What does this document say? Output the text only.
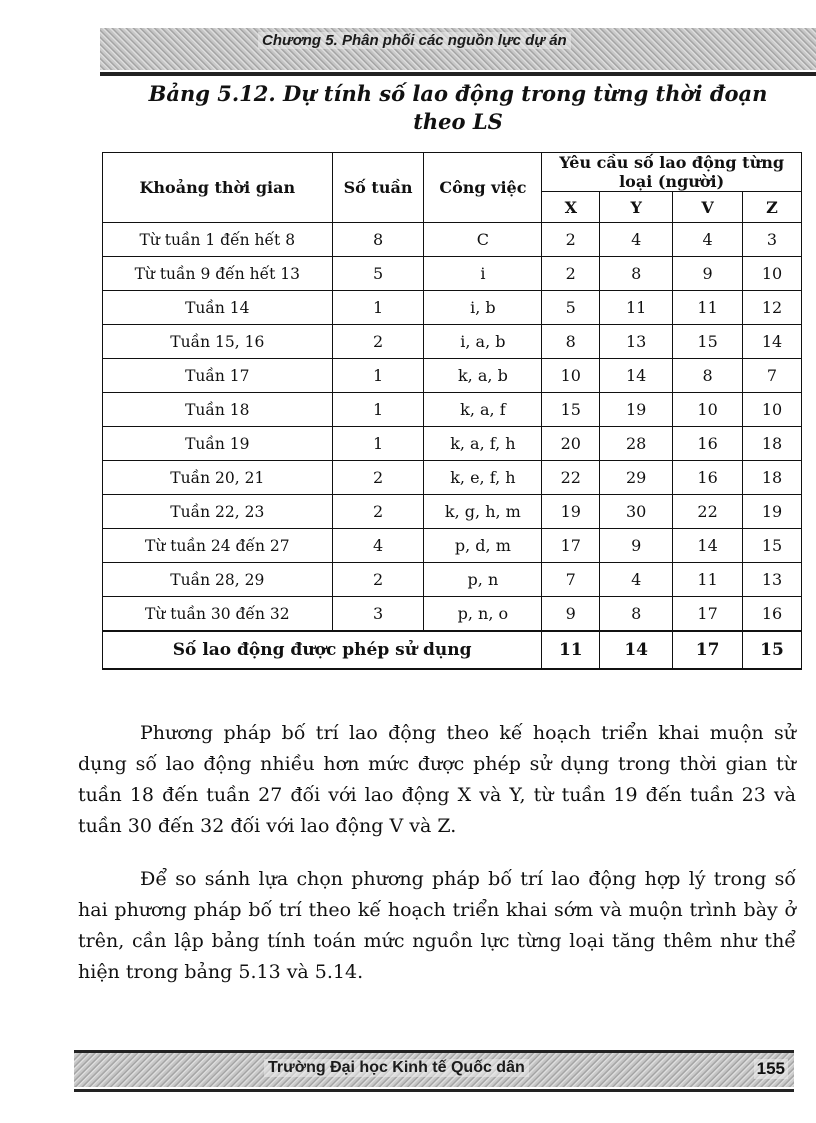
Chương 5. Phân phối các nguồn lực dự án
Bảng 5.12. Dự tính số lao động trong từng thời đoạn
theo LS
Khoảng thời gian	Số tuần	Công việc	Yêu cầu số lao động từng loại (người)			
			X	Y	V	Z
Từ tuần 1 đến hết 8	8	C	2	4	4	3
Từ tuần 9 đến hết 13	5	i	2	8	9	10
Tuần 14	1	i, b	5	11	11	12
Tuần 15, 16	2	i, a, b	8	13	15	14
Tuần 17	1	k, a, b	10	14	8	7
Tuần 18	1	k, a, f	15	19	10	10
Tuần 19	1	k, a, f, h	20	28	16	18
Tuần 20, 21	2	k, e, f, h	22	29	16	18
Tuần 22, 23	2	k, g, h, m	19	30	22	19
Từ tuần 24 đến 27	4	p, d, m	17	9	14	15
Tuần 28, 29	2	p, n	7	4	11	13
Từ tuần 30 đến 32	3	p, n, o	9	8	17	16
Số lao động được phép sử dụng			11	14	17	15
Phương pháp bố trí lao động theo kế hoạch triển khai muộn sử dụng số lao động nhiều hơn mức được phép sử dụng trong thời gian từ tuần 18 đến tuần 27 đối với lao động X và Y, từ tuần 19 đến tuần 23 và tuần 30 đến 32 đối với lao động V và Z.
Để so sánh lựa chọn phương pháp bố trí lao động hợp lý trong số hai phương pháp bố trí theo kế hoạch triển khai sớm và muộn trình bày ở trên, cần lập bảng tính toán mức nguồn lực từng loại tăng thêm như thể hiện trong bảng 5.13 và 5.14.
Trường Đại học Kinh tế Quốc dân	155
